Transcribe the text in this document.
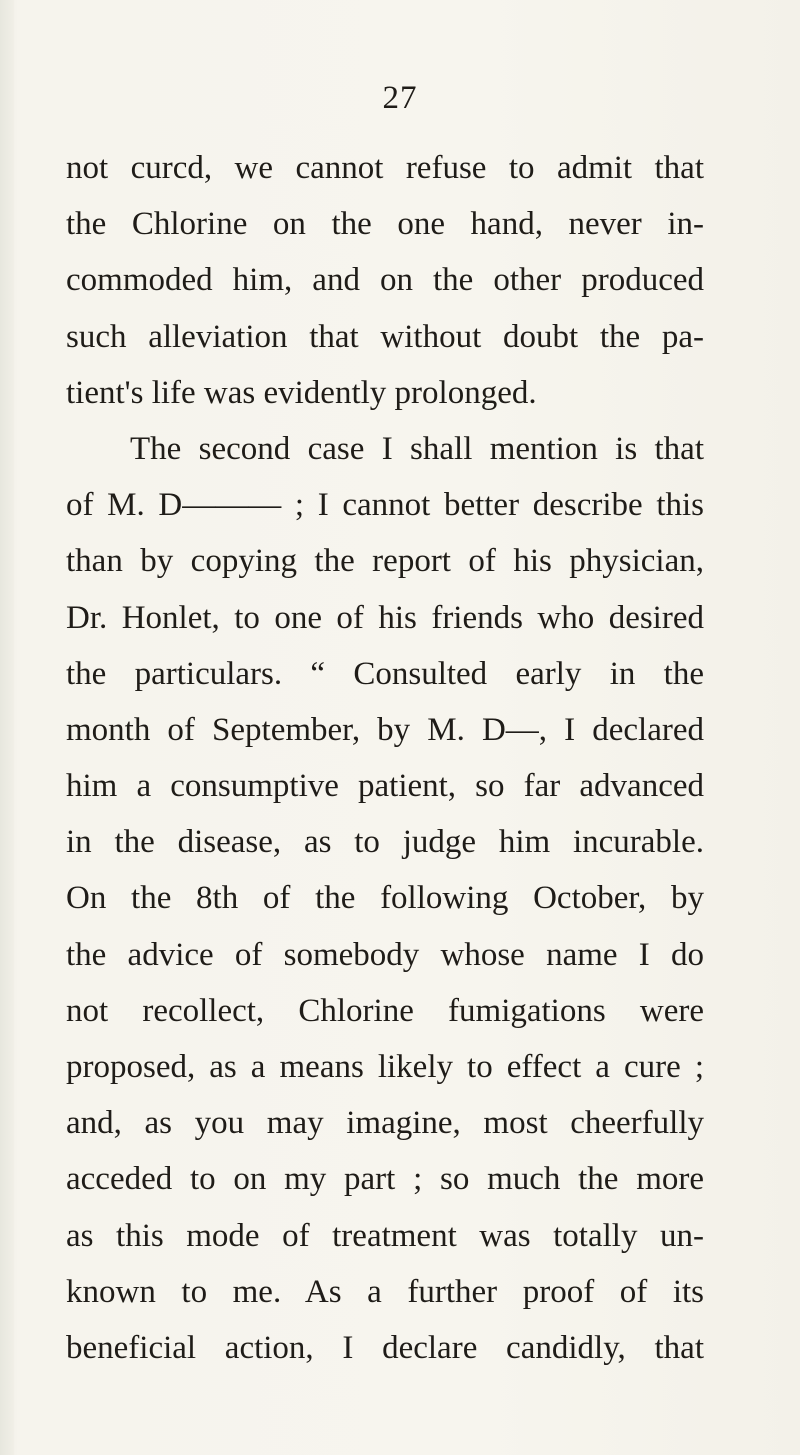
27
not curcd, we cannot refuse to admit that
the Chlorine on the one hand, never in-
commoded him, and on the other produced
such alleviation that without doubt the pa-
tient's life was evidently prolonged.
The second case I shall mention is that
of M. D——— ; I cannot better describe this
than by copying the report of his physician,
Dr. Honlet, to one of his friends who desired
the particulars. “ Consulted early in the
month of September, by M. D—, I declared
him a consumptive patient, so far advanced
in the disease, as to judge him incurable.
On the 8th of the following October, by
the advice of somebody whose name I do
not recollect, Chlorine fumigations were
proposed, as a means likely to effect a cure ;
and, as you may imagine, most cheerfully
acceded to on my part ; so much the more
as this mode of treatment was totally un-
known to me. As a further proof of its
beneficial action, I declare candidly, that
